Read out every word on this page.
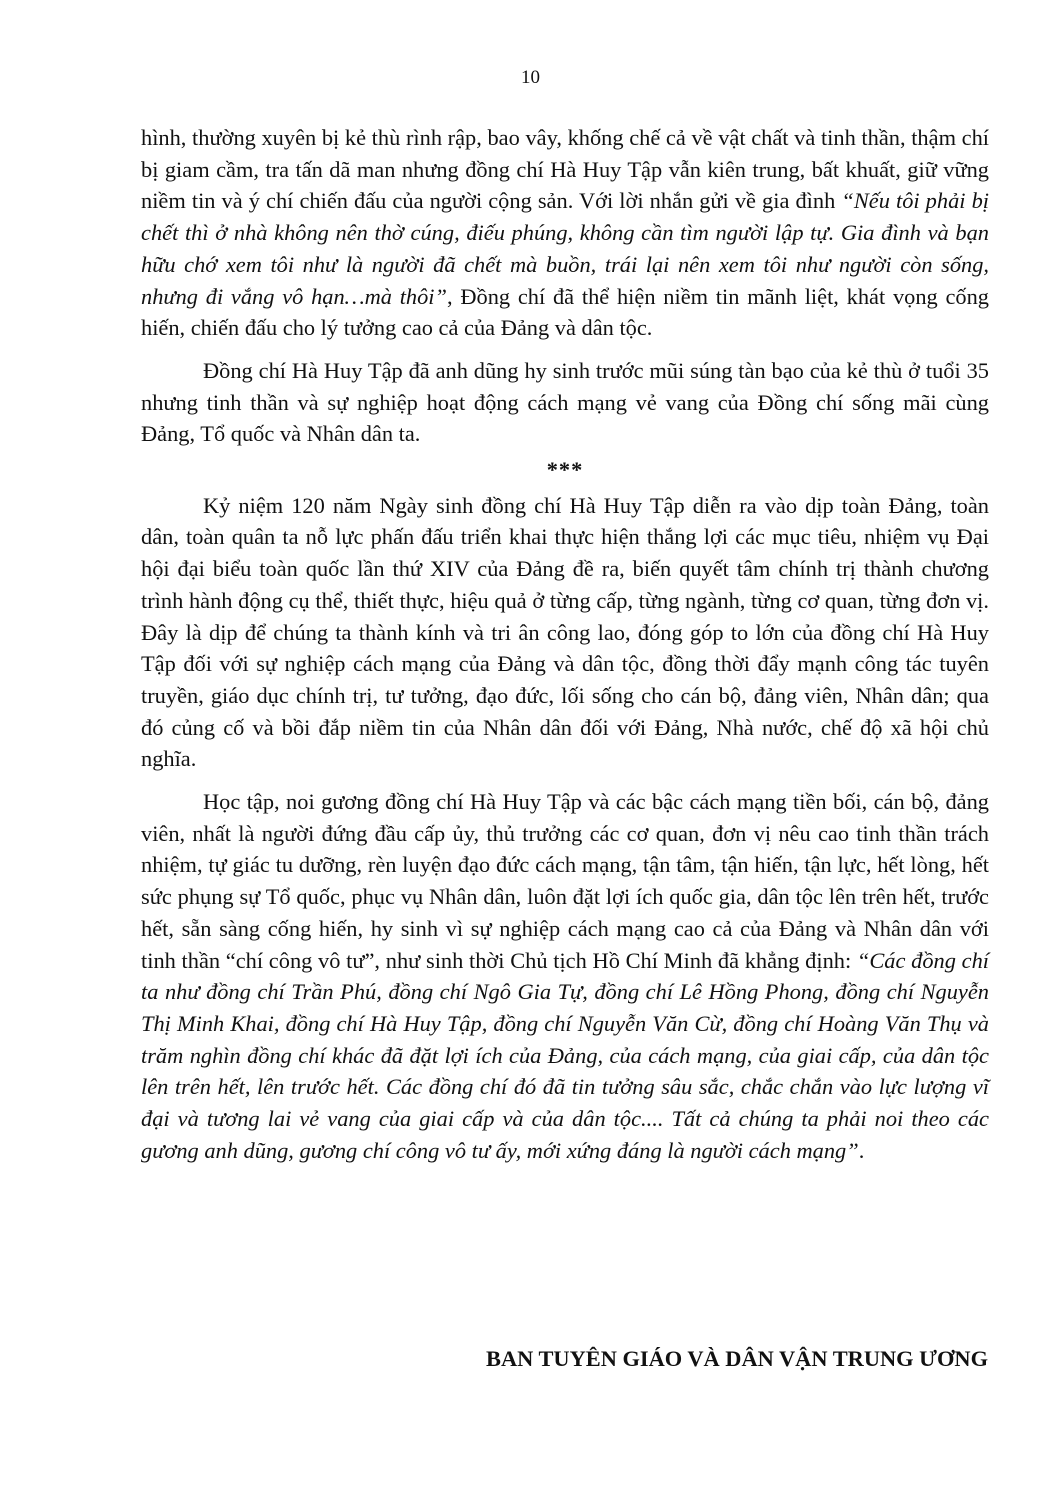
10

hình, thường xuyên bị kẻ thù rình rập, bao vây, khống chế cả về vật chất và tinh thần, thậm chí bị giam cầm, tra tấn dã man nhưng đồng chí Hà Huy Tập vẫn kiên trung, bất khuất, giữ vững niềm tin và ý chí chiến đấu của người cộng sản. Với lời nhắn gửi về gia đình “Nếu tôi phải bị chết thì ở nhà không nên thờ cúng, điếu phúng, không cần tìm người lập tự. Gia đình và bạn hữu chớ xem tôi như là người đã chết mà buồn, trái lại nên xem tôi như người còn sống, nhưng đi vắng vô hạn…mà thôi”, Đồng chí đã thể hiện niềm tin mãnh liệt, khát vọng cống hiến, chiến đấu cho lý tưởng cao cả của Đảng và dân tộc.

Đồng chí Hà Huy Tập đã anh dũng hy sinh trước mũi súng tàn bạo của kẻ thù ở tuổi 35 nhưng tinh thần và sự nghiệp hoạt động cách mạng vẻ vang của Đồng chí sống mãi cùng Đảng, Tổ quốc và Nhân dân ta.

***

Kỷ niệm 120 năm Ngày sinh đồng chí Hà Huy Tập diễn ra vào dịp toàn Đảng, toàn dân, toàn quân ta nỗ lực phấn đấu triển khai thực hiện thắng lợi các mục tiêu, nhiệm vụ Đại hội đại biểu toàn quốc lần thứ XIV của Đảng đề ra, biến quyết tâm chính trị thành chương trình hành động cụ thể, thiết thực, hiệu quả ở từng cấp, từng ngành, từng cơ quan, từng đơn vị. Đây là dịp để chúng ta thành kính và tri ân công lao, đóng góp to lớn của đồng chí Hà Huy Tập đối với sự nghiệp cách mạng của Đảng và dân tộc, đồng thời đẩy mạnh công tác tuyên truyền, giáo dục chính trị, tư tưởng, đạo đức, lối sống cho cán bộ, đảng viên, Nhân dân; qua đó củng cố và bồi đắp niềm tin của Nhân dân đối với Đảng, Nhà nước, chế độ xã hội chủ nghĩa.

Học tập, noi gương đồng chí Hà Huy Tập và các bậc cách mạng tiền bối, cán bộ, đảng viên, nhất là người đứng đầu cấp ủy, thủ trưởng các cơ quan, đơn vị nêu cao tinh thần trách nhiệm, tự giác tu dưỡng, rèn luyện đạo đức cách mạng, tận tâm, tận hiến, tận lực, hết lòng, hết sức phụng sự Tổ quốc, phục vụ Nhân dân, luôn đặt lợi ích quốc gia, dân tộc lên trên hết, trước hết, sẵn sàng cống hiến, hy sinh vì sự nghiệp cách mạng cao cả của Đảng và Nhân dân với tinh thần “chí công vô tư”, như sinh thời Chủ tịch Hồ Chí Minh đã khẳng định: “Các đồng chí ta như đồng chí Trần Phú, đồng chí Ngô Gia Tự, đồng chí Lê Hồng Phong, đồng chí Nguyễn Thị Minh Khai, đồng chí Hà Huy Tập, đồng chí Nguyễn Văn Cừ, đồng chí Hoàng Văn Thụ và trăm nghìn đồng chí khác đã đặt lợi ích của Đảng, của cách mạng, của giai cấp, của dân tộc lên trên hết, lên trước hết. Các đồng chí đó đã tin tưởng sâu sắc, chắc chắn vào lực lượng vĩ đại và tương lai vẻ vang của giai cấp và của dân tộc.... Tất cả chúng ta phải noi theo các gương anh dũng, gương chí công vô tư ấy, mới xứng đáng là người cách mạng”.

BAN TUYÊN GIÁO VÀ DÂN VẬN TRUNG ƯƠNG
